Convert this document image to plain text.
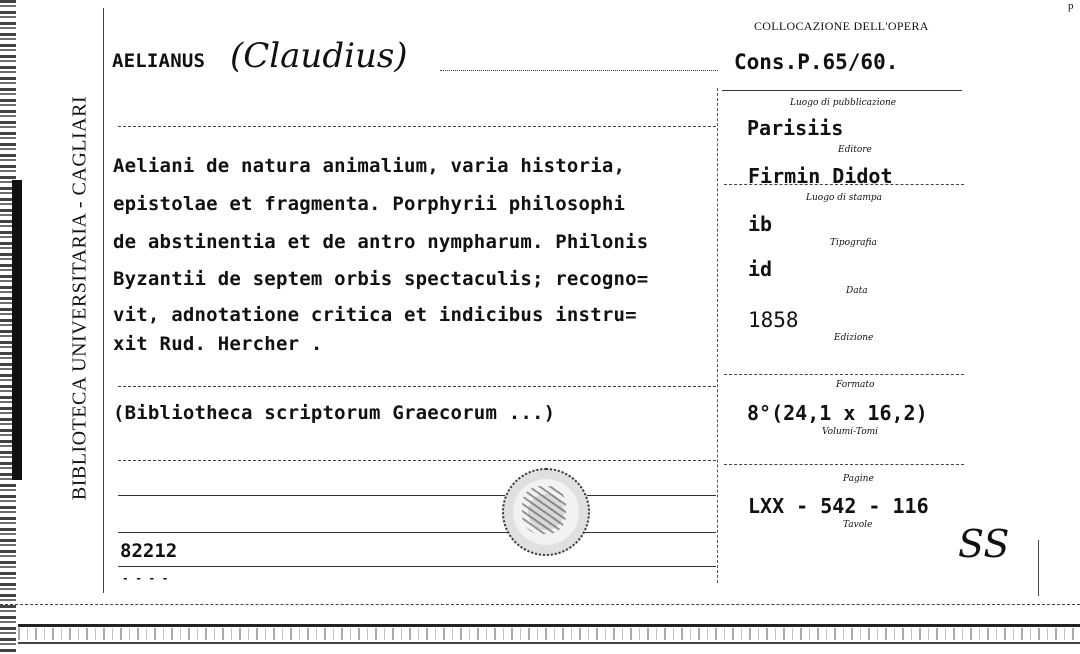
BIBLIOTECA UNIVERSITARIA - CAGLIARI
COLLOCAZIONE DELL'OPERA
p
AELIANUS (Claudius)	Cons.P.65/60.
Aeliani de natura animalium, varia historia,
epistolae et fragmenta. Porphyrii philosophi
de abstinentia et de antro nympharum. Philonis
Byzantii de septem orbis spectaculis; recogno=
vit, adnotatione critica et indicibus instru=
xit Rud. Hercher .
(Bibliotheca scriptorum Graecorum ...)
82212
- - - -
Luogo di pubblicazione
Parisiis
Editore
Firmin Didot
Luogo di stampa
ib
Tipografia
id
Data
1858
Edizione
Formato
8°(24,1 x 16,2)
Volumi-Tomi
Pagine
LXX - 542 - 116
Tavole SS
